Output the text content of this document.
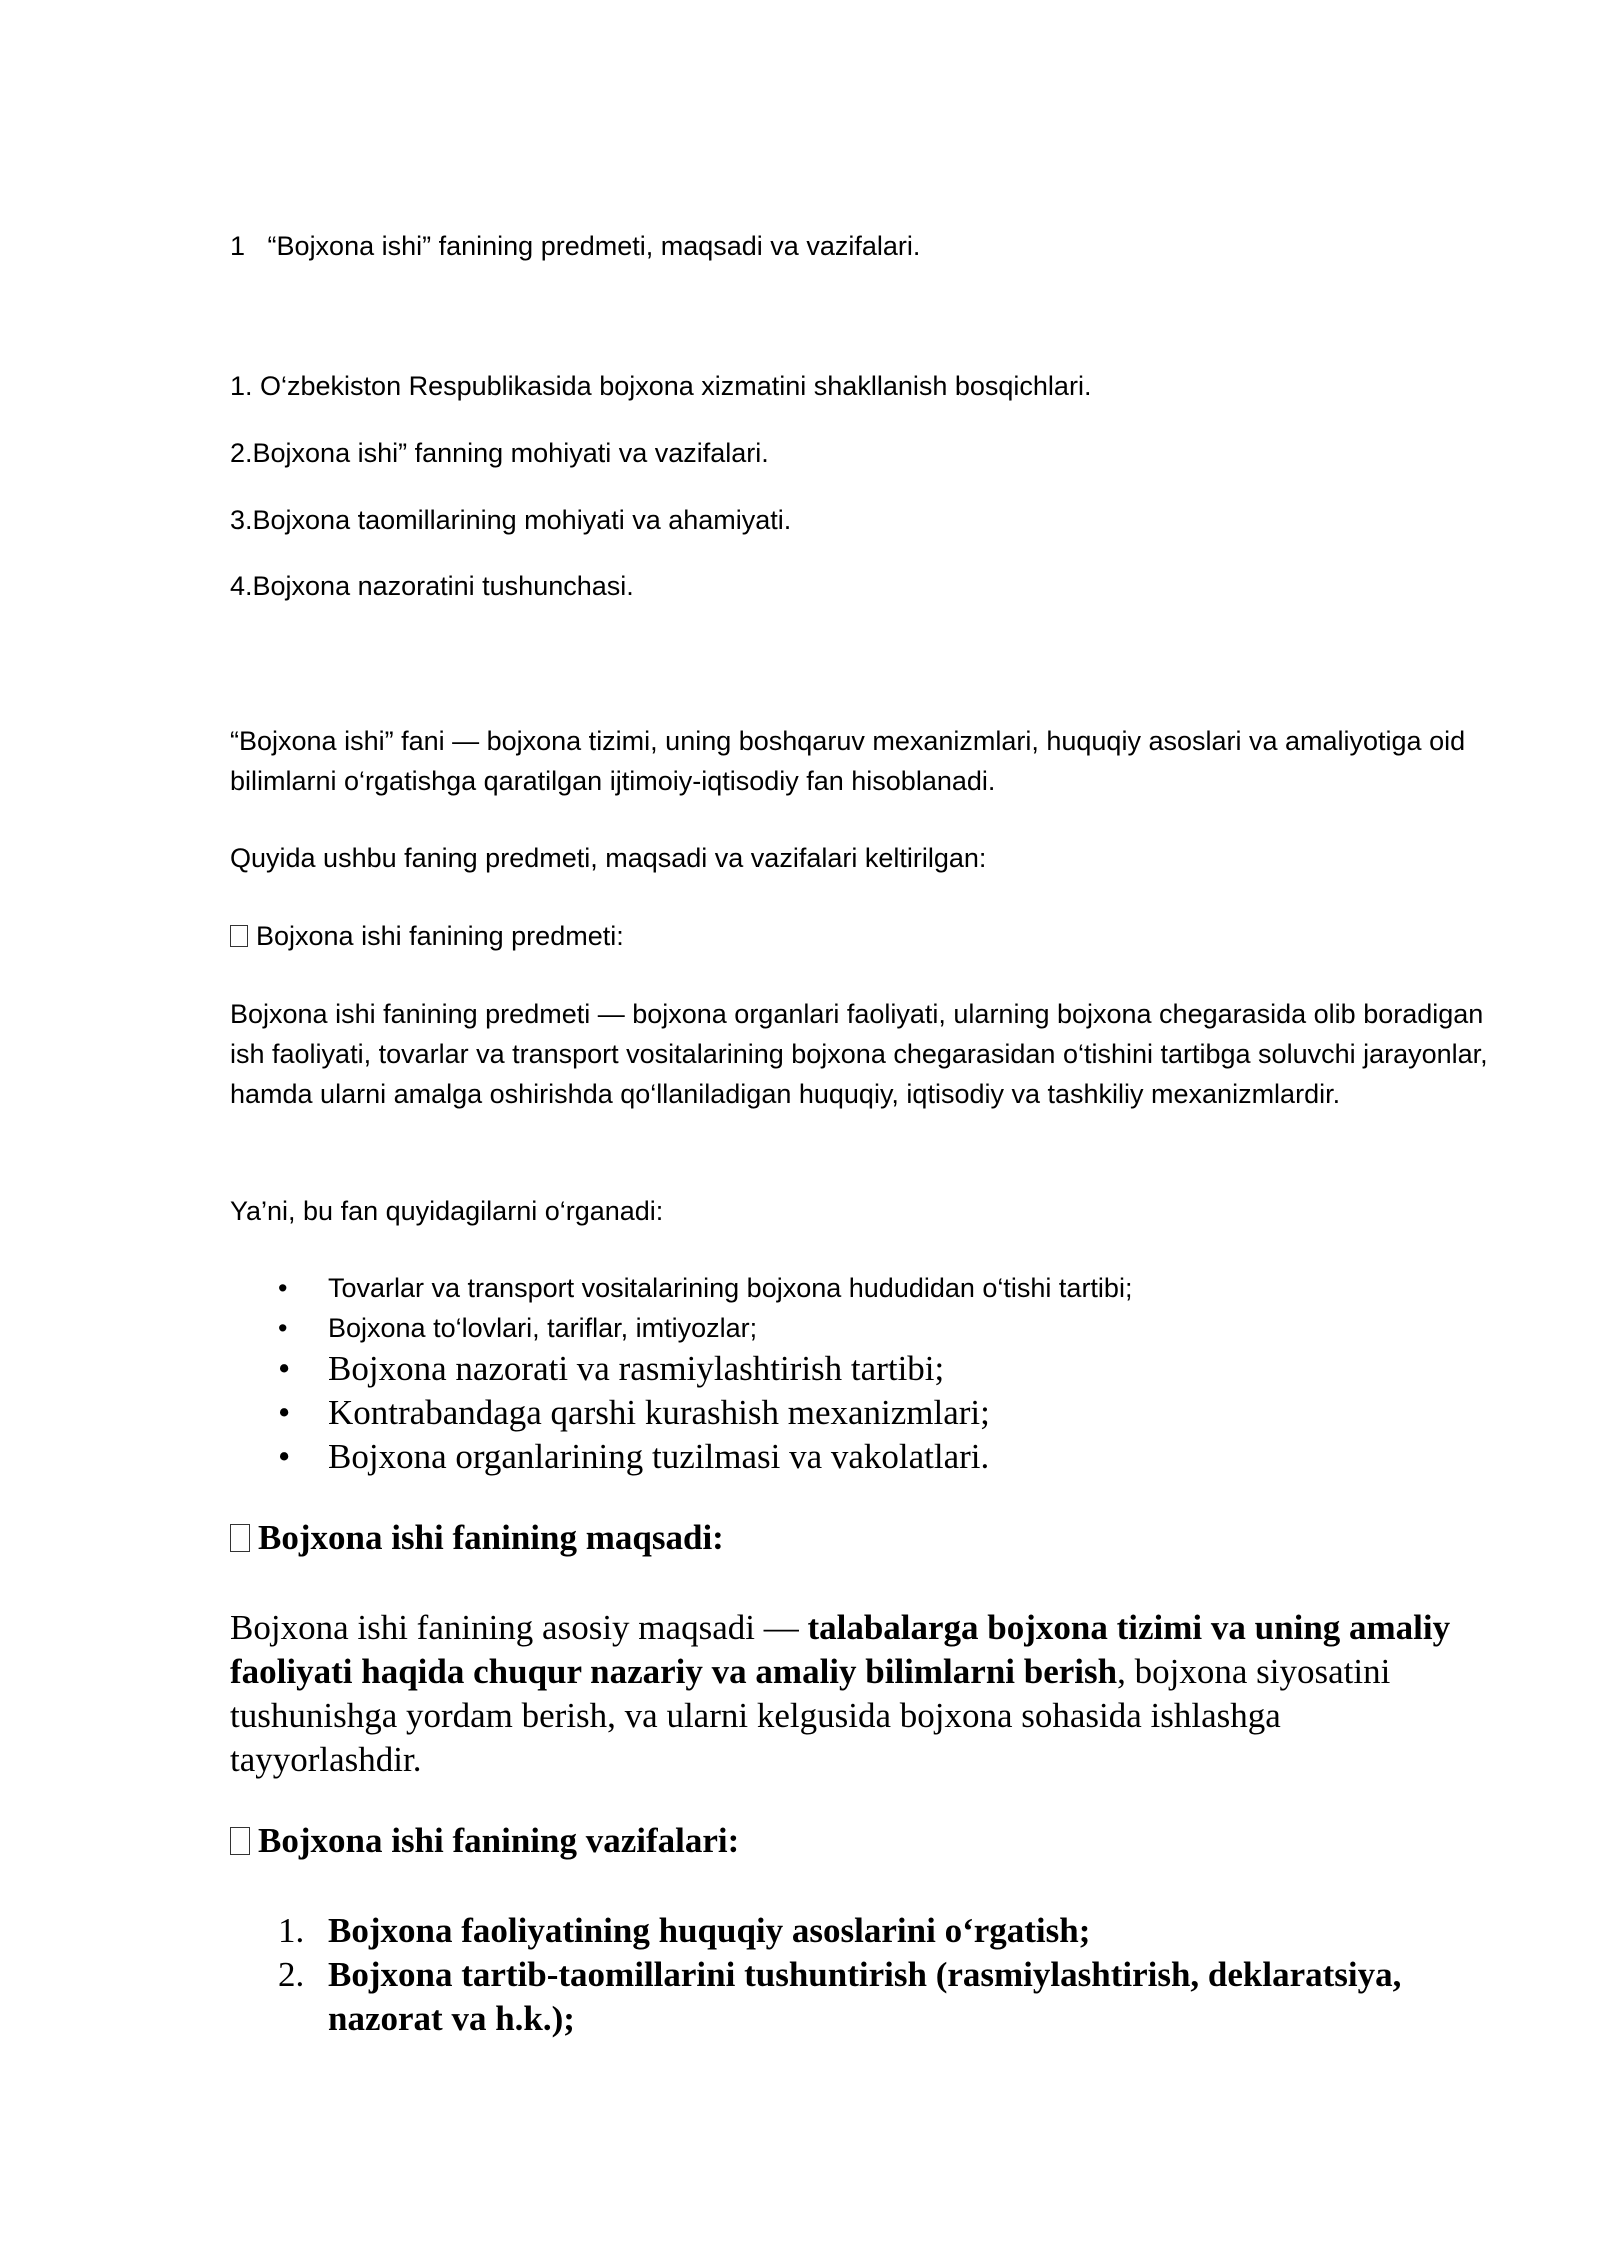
1 “Bojxona ishi” fanining predmeti, maqsadi va vazifalari.

1. O‘zbekiston Respublikasida bojxona xizmatini shakllanish bosqichlari.

2.Bojxona ishi” fanning mohiyati va vazifalari.

3.Bojxona taomillarining mohiyati va ahamiyati.

4.Bojxona nazoratini tushunchasi.

“Bojxona ishi” fani — bojxona tizimi, uning boshqaruv mexanizmlari, huquqiy asoslari va amaliyotiga oid bilimlarni o‘rgatishga qaratilgan ijtimoiy-iqtisodiy fan hisoblanadi.

Quyida ushbu faning predmeti, maqsadi va vazifalari keltirilgan:

Bojxona ishi fanining predmeti:

Bojxona ishi fanining predmeti — bojxona organlari faoliyati, ularning bojxona chegarasida olib boradigan ish faoliyati, tovarlar va transport vositalarining bojxona chegarasidan o‘tishini tartibga soluvchi jarayonlar, hamda ularni amalga oshirishda qo‘llaniladigan huquqiy, iqtisodiy va tashkiliy mexanizmlardir.

Ya’ni, bu fan quyidagilarni o‘rganadi:

• Tovarlar va transport vositalarining bojxona hududidan o‘tishi tartibi;
• Bojxona to‘lovlari, tariflar, imtiyozlar;
• Bojxona nazorati va rasmiylashtirish tartibi;
• Kontrabandaga qarshi kurashish mexanizmlari;
• Bojxona organlarining tuzilmasi va vakolatlari.

Bojxona ishi fanining maqsadi:

Bojxona ishi fanining asosiy maqsadi — talabalarga bojxona tizimi va uning amaliy faoliyati haqida chuqur nazariy va amaliy bilimlarni berish, bojxona siyosatini tushunishga yordam berish, va ularni kelgusida bojxona sohasida ishlashga tayyorlashdir.

Bojxona ishi fanining vazifalari:

1. Bojxona faoliyatining huquqiy asoslarini o‘rgatish;
2. Bojxona tartib-taomillarini tushuntirish (rasmiylashtirish, deklaratsiya, nazorat va h.k.);
